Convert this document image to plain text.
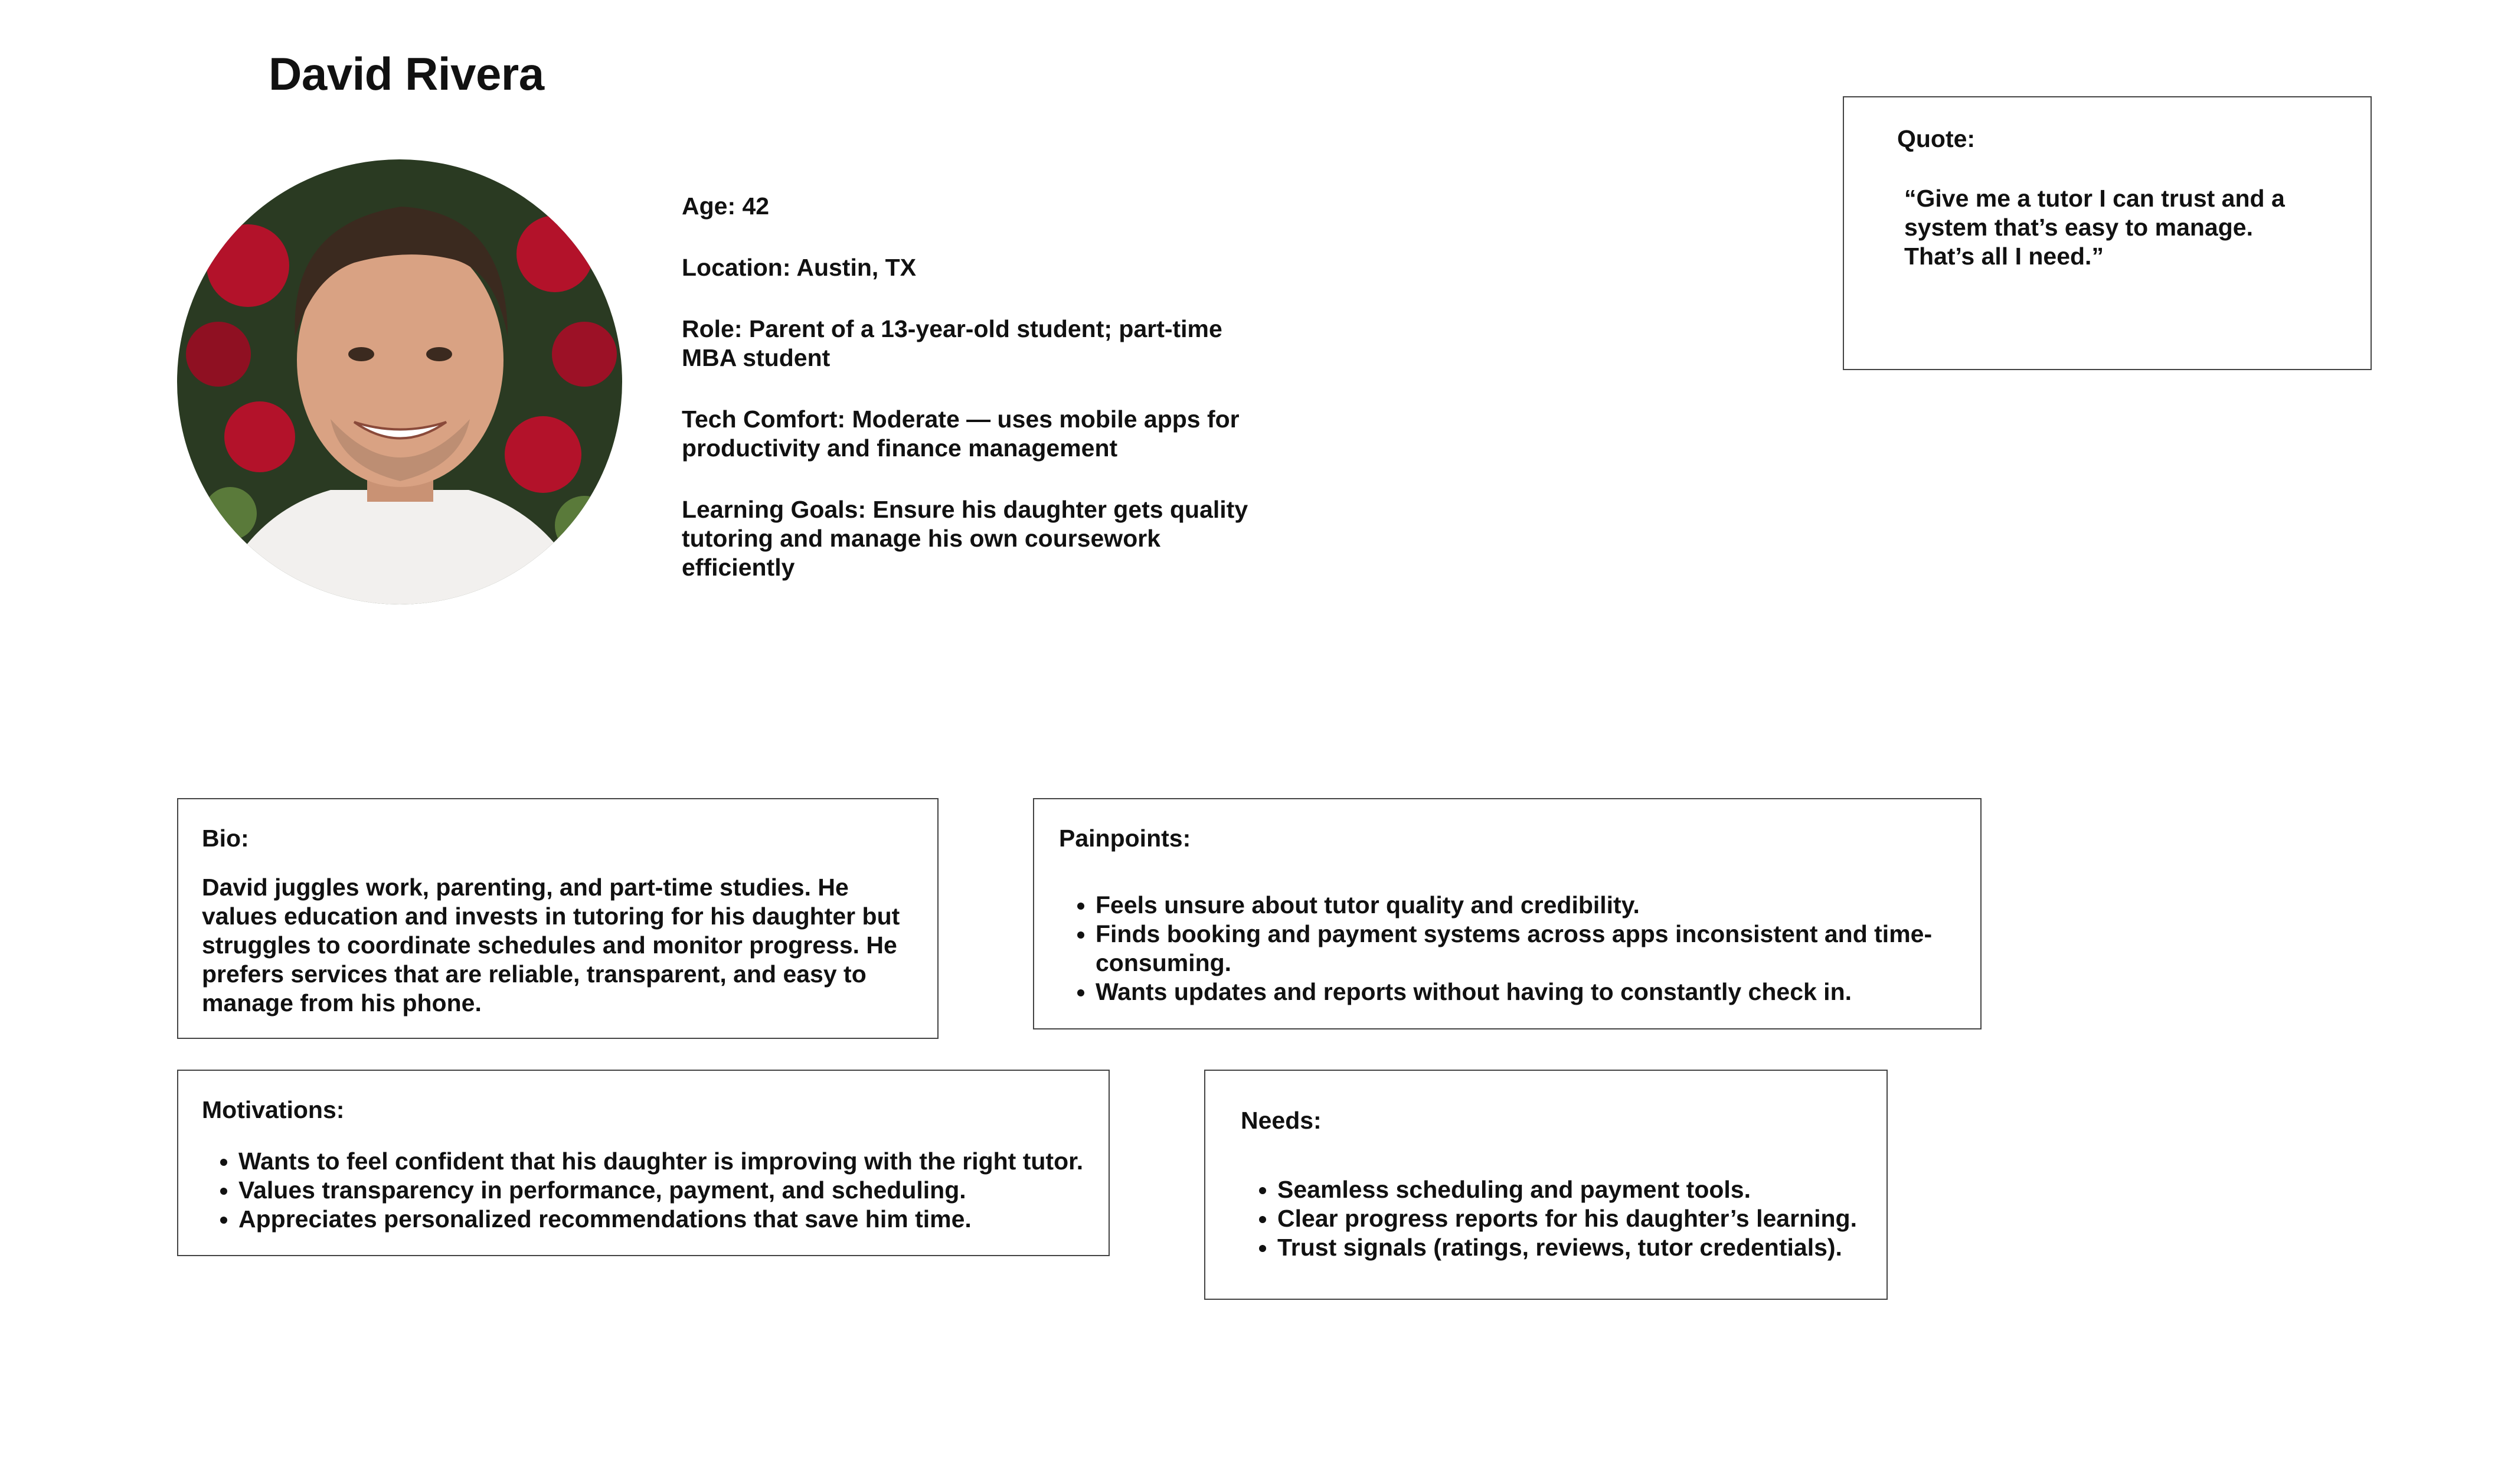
David Rivera

Age: 42

Location: Austin, TX

Role: Parent of a 13-year-old student; part-time MBA student

Tech Comfort: Moderate — uses mobile apps for productivity and finance management

Learning Goals: Ensure his daughter gets quality tutoring and manage his own coursework efficiently

Quote:

“Give me a tutor I can trust and a system that’s easy to manage. That’s all I need.”

Bio:

David juggles work, parenting, and part-time studies. He values education and invests in tutoring for his daughter but struggles to coordinate schedules and monitor progress. He prefers services that are reliable, transparent, and easy to manage from his phone.

Painpoints:

• Feels unsure about tutor quality and credibility.
• Finds booking and payment systems across apps inconsistent and time-consuming.
• Wants updates and reports without having to constantly check in.

Motivations:

• Wants to feel confident that his daughter is improving with the right tutor.
• Values transparency in performance, payment, and scheduling.
• Appreciates personalized recommendations that save him time.

Needs:

• Seamless scheduling and payment tools.
• Clear progress reports for his daughter’s learning.
• Trust signals (ratings, reviews, tutor credentials).
